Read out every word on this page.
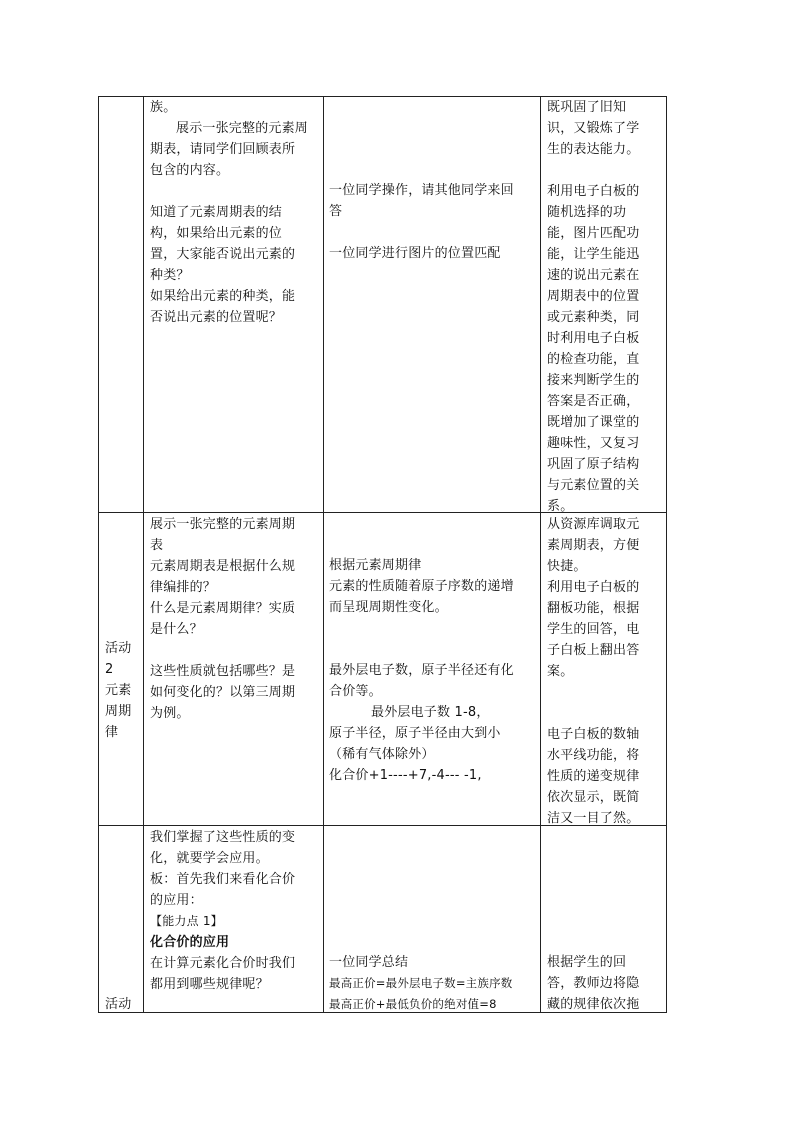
族。
展示一张完整的元素周
期表，请同学们回顾表所
包含的内容。
知道了元素周期表的结
构，如果给出元素的位
置，大家能否说出元素的
种类？
如果给出元素的种类，能
否说出元素的位置呢？
一位同学操作，请其他同学来回
答
一位同学进行图片的位置匹配
既巩固了旧知
识，又锻炼了学
生的表达能力。
利用电子白板的
随机选择的功
能，图片匹配功
能，让学生能迅
速的说出元素在
周期表中的位置
或元素种类，同
时利用电子白板
的检查功能，直
接来判断学生的
答案是否正确，
既增加了课堂的
趣味性，又复习
巩固了原子结构
与元素位置的关
系。
活动
2
元素
周期
律
展示一张完整的元素周期
表
元素周期表是根据什么规
律编排的？
什么是元素周期律？实质
是什么？
这些性质就包括哪些？是
如何变化的？以第三周期
为例。
根据元素周期律
元素的性质随着原子序数的递增
而呈现周期性变化。
最外层电子数，原子半径还有化
合价等。
最外层电子数 1-8，
原子半径，原子半径由大到小
（稀有气体除外）
化合价+1----+7,-4--- -1,
从资源库调取元
素周期表，方便
快捷。
利用电子白板的
翻板功能，根据
学生的回答，电
子白板上翻出答
案。
电子白板的数轴
水平线功能，将
性质的递变规律
依次显示，既简
洁又一目了然。
活动
我们掌握了这些性质的变
化，就要学会应用。
板：首先我们来看化合价
的应用：
【能力点 1】
化合价的应用
在计算元素化合价时我们
都用到哪些规律呢？
一位同学总结
最高正价=最外层电子数=主族序数
最高正价+最低负价的绝对值=8
根据学生的回
答，教师边将隐
藏的规律依次拖
